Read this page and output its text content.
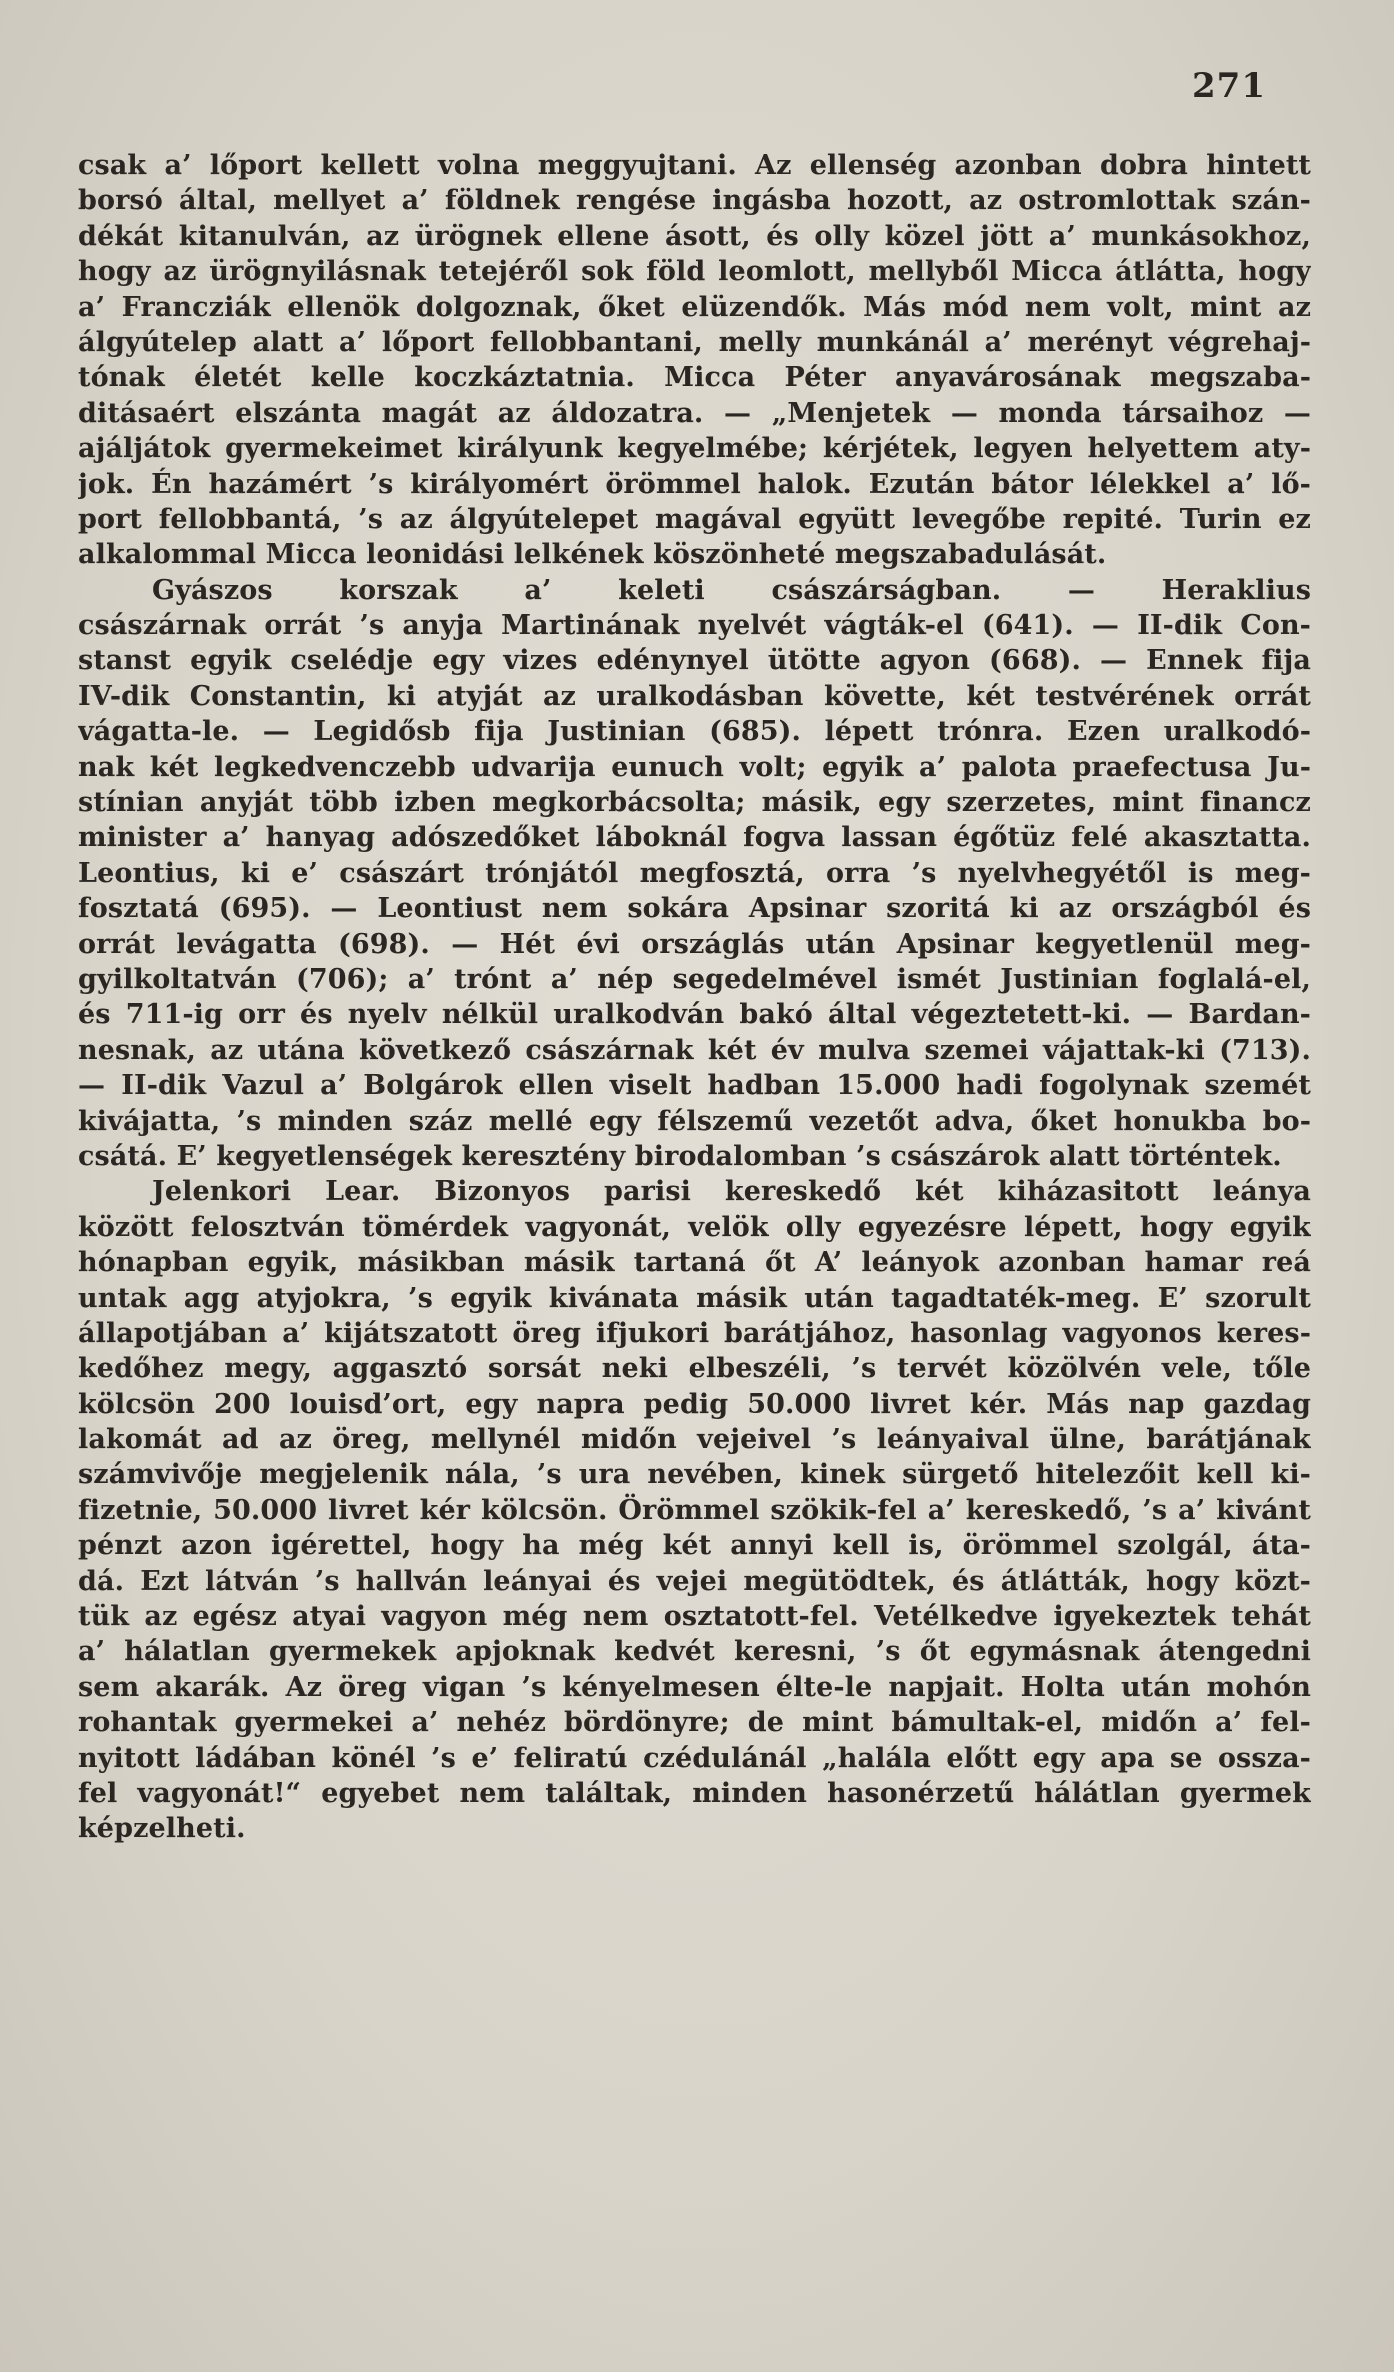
271
csak a’ lőport kellett volna meggyujtani. Az ellenség azonban dobra hintett
borsó által, mellyet a’ földnek rengése ingásba hozott, az ostromlottak szán-
dékát kitanulván, az ürögnek ellene ásott, és olly közel jött a’ munkásokhoz,
hogy az ürögnyilásnak tetejéről sok föld leomlott, mellyből Micca átlátta, hogy
a’ Francziák ellenök dolgoznak, őket elüzendők. Más mód nem volt, mint az
álgyútelep alatt a’ lőport fellobbantani, melly munkánál a’ merényt végrehaj-
tónak életét kelle koczkáztatnia. Micca Péter anyavárosának megszaba-
ditásaért elszánta magát az áldozatra. — „Menjetek — monda társaihoz —
ajáljátok gyermekeimet királyunk kegyelmébe; kérjétek, legyen helyettem aty-
jok. Én hazámért ’s királyomért örömmel halok. Ezután bátor lélekkel a’ lő-
port fellobbantá, ’s az álgyútelepet magával együtt levegőbe repité. Turin ez
alkalommal Micca leonidási lelkének köszönheté megszabadulását.
Gyászos korszak a’ keleti császárságban. — Heraklius
császárnak orrát ’s anyja Martinának nyelvét vágták-el (641). — II-dik Con-
stanst egyik cselédje egy vizes edénynyel ütötte agyon (668). — Ennek fija
IV-dik Constantin, ki atyját az uralkodásban követte, két testvérének orrát
vágatta-le. — Legidősb fija Justinian (685). lépett trónra. Ezen uralkodó-
nak két legkedvenczebb udvarija eunuch volt; egyik a’ palota praefectusa Ju-
stínian anyját több izben megkorbácsolta; másik, egy szerzetes, mint financz
minister a’ hanyag adószedőket láboknál fogva lassan égőtüz felé akasztatta.
Leontius, ki e’ császárt trónjától megfosztá, orra ’s nyelvhegyétől is meg-
fosztatá (695). — Leontiust nem sokára Apsinar szoritá ki az országból és
orrát levágatta (698). — Hét évi országlás után Apsinar kegyetlenül meg-
gyilkoltatván (706); a’ trónt a’ nép segedelmével ismét Justinian foglalá-el,
és 711-ig orr és nyelv nélkül uralkodván bakó által végeztetett-ki. — Bardan-
nesnak, az utána következő császárnak két év mulva szemei vájattak-ki (713).
— II-dik Vazul a’ Bolgárok ellen viselt hadban 15.000 hadi fogolynak szemét
kivájatta, ’s minden száz mellé egy félszemű vezetőt adva, őket honukba bo-
csátá. E’ kegyetlenségek keresztény birodalomban ’s császárok alatt történtek.
Jelenkori Lear. Bizonyos parisi kereskedő két kiházasitott leánya
között felosztván tömérdek vagyonát, velök olly egyezésre lépett, hogy egyik
hónapban egyik, másikban másik tartaná őt A’ leányok azonban hamar reá
untak agg atyjokra, ’s egyik kivánata másik után tagadtaték-meg. E’ szorult
állapotjában a’ kijátszatott öreg ifjukori barátjához, hasonlag vagyonos keres-
kedőhez megy, aggasztó sorsát neki elbeszéli, ’s tervét közölvén vele, tőle
kölcsön 200 louisd’ort, egy napra pedig 50.000 livret kér. Más nap gazdag
lakomát ad az öreg, mellynél midőn vejeivel ’s leányaival ülne, barátjának
számvivője megjelenik nála, ’s ura nevében, kinek sürgető hitelezőit kell ki-
fizetnie, 50.000 livret kér kölcsön. Örömmel szökik-fel a’ kereskedő, ’s a’ kivánt
pénzt azon igérettel, hogy ha még két annyi kell is, örömmel szolgál, áta-
dá. Ezt látván ’s hallván leányai és vejei megütödtek, és átlátták, hogy közt-
tük az egész atyai vagyon még nem osztatott-fel. Vetélkedve igyekeztek tehát
a’ hálatlan gyermekek apjoknak kedvét keresni, ’s őt egymásnak átengedni
sem akarák. Az öreg vigan ’s kényelmesen élte-le napjait. Holta után mohón
rohantak gyermekei a’ nehéz bördönyre; de mint bámultak-el, midőn a’ fel-
nyitott ládában könél ’s e’ feliratú czédulánál „halála előtt egy apa se ossza-
fel vagyonát!“ egyebet nem találtak, minden hasonérzetű hálátlan gyermek
képzelheti.
